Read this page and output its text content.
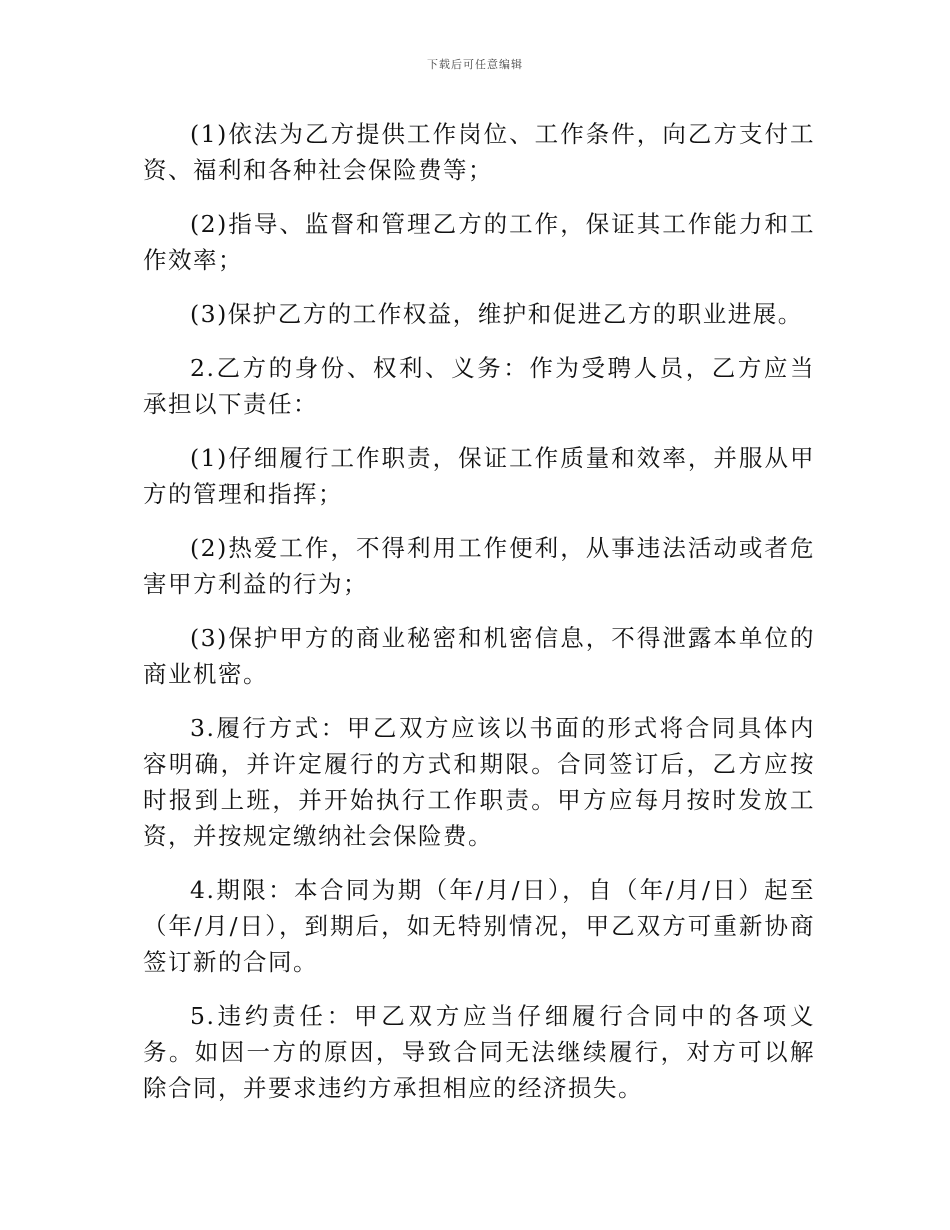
下载后可任意编辑

(1)依法为乙方提供工作岗位、工作条件，向乙方支付工资、福利和各种社会保险费等；

(2)指导、监督和管理乙方的工作，保证其工作能力和工作效率；

(3)保护乙方的工作权益，维护和促进乙方的职业进展。

2.乙方的身份、权利、义务：作为受聘人员，乙方应当承担以下责任：

(1)仔细履行工作职责，保证工作质量和效率，并服从甲方的管理和指挥；

(2)热爱工作，不得利用工作便利，从事违法活动或者危害甲方利益的行为；

(3)保护甲方的商业秘密和机密信息，不得泄露本单位的商业机密。

3.履行方式：甲乙双方应该以书面的形式将合同具体内容明确，并许定履行的方式和期限。合同签订后，乙方应按时报到上班，并开始执行工作职责。甲方应每月按时发放工资，并按规定缴纳社会保险费。

4.期限：本合同为期（年/月/日），自（年/月/日）起至（年/月/日），到期后，如无特别情况，甲乙双方可重新协商签订新的合同。

5.违约责任：甲乙双方应当仔细履行合同中的各项义务。如因一方的原因，导致合同无法继续履行，对方可以解除合同，并要求违约方承担相应的经济损失。
